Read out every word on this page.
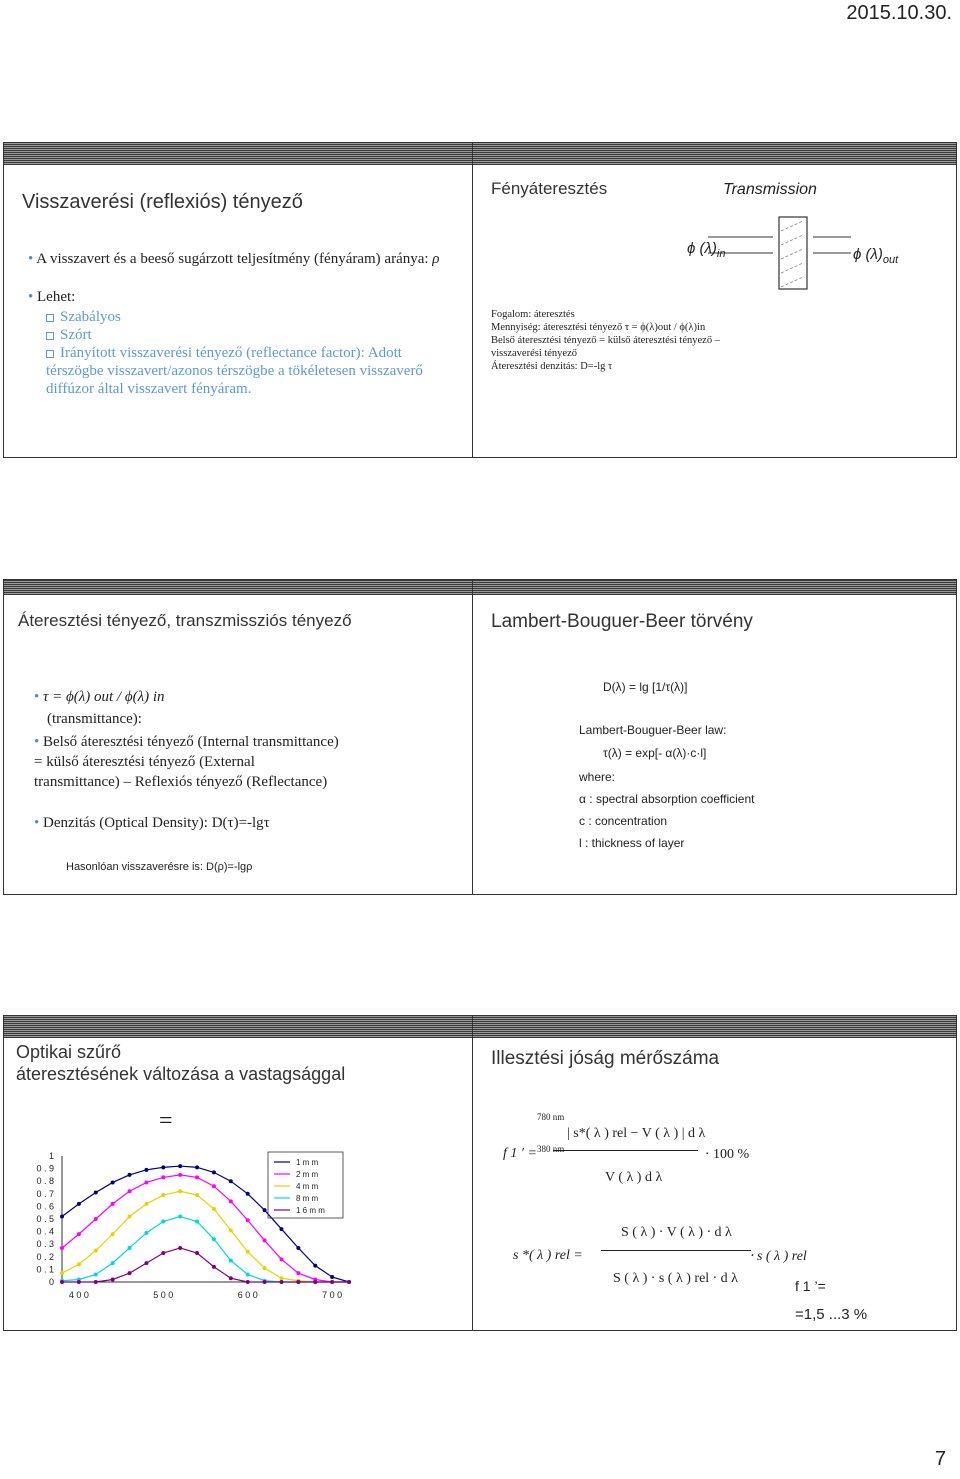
2015.10.30.
Visszaverési (reflexiós) tényező
• A visszavert és a beeső sugárzott teljesítmény (fényáram) aránya: ρ
• Lehet:
Szabályos
Szórt
Irányított visszaverési tényező (reflectance factor): Adott térszögbe visszavert/azonos térszögbe a tökéletesen visszaverő diffúzor által visszavert fényáram.
Fényáteresztés	Transmission
ϕ $(\lambda)_{in}$	ϕ $(\lambda)_{out}$
Fogalom: áteresztés
Mennyiség: áteresztési tényező τ = ϕ(λ)out / ϕ(λ)in
Belső áteresztési tényező = külső áteresztési tényező – visszaverési tényező
Áteresztési denzitás: D=-lg τ
Áteresztési tényező, transzmissziós tényező
• τ = ϕ(λ) out / ϕ(λ) in
(transmittance):
• Belső áteresztési tényező (Internal transmittance) = külső áteresztési tényező (External transmittance) – Reflexiós tényező (Reflectance)
• Denzitás (Optical Density): D(τ)=-lgτ
Hasonlóan visszaverésre is: D(ρ)=-lgρ
Lambert-Bouguer-Beer törvény
D(λ) = lg [1/τ(λ)]
Lambert-Bouguer-Beer law:
τ(λ) = exp[- α(λ)·c·l]
where:
α : spectral absorption coefficient
c : concentration
l : thickness of layer
Optikai szűrő
áteresztésének változása a vastagsággal
=
1
0 . 9
0 . 8
0 . 7
0 . 6
0 . 5
0 . 4
0 . 3
0 . 2
0 . 1
0
4 0 0	5 0 0	6 0 0	7 0 0
1 m m
2 m m
4 m m
8 m m
1 6 m m
Illesztési jóság mérőszáma
f 1 ′ =
780 nm
380 nm
| s*( λ ) rel − V ( λ ) | d λ
V ( λ ) d λ
⋅ 100 %
s *( λ ) rel =
S ( λ ) ⋅ V ( λ ) ⋅ d λ
S ( λ ) ⋅ s ( λ ) rel ⋅ d λ
⋅ s ( λ ) rel
f 1 ’=
=1,5 ...3 %
7
